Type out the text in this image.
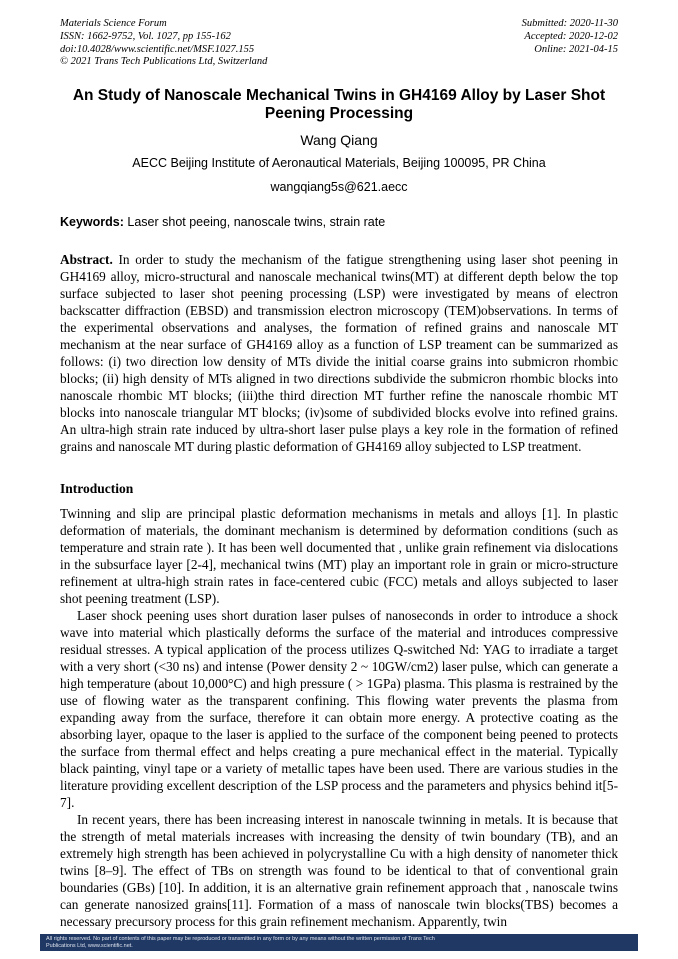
Materials Science Forum
ISSN: 1662-9752, Vol. 1027, pp 155-162
doi:10.4028/www.scientific.net/MSF.1027.155
© 2021 Trans Tech Publications Ltd, Switzerland
Submitted: 2020-11-30
Accepted: 2020-12-02
Online: 2021-04-15
An Study of Nanoscale Mechanical Twins in GH4169 Alloy by Laser Shot Peening Processing
Wang Qiang
AECC Beijing Institute of Aeronautical Materials, Beijing 100095, PR China
wangqiang5s@621.aecc

Keywords: Laser shot peeing, nanoscale twins, strain rate

Abstract. In order to study the mechanism of the fatigue strengthening using laser shot peening in GH4169 alloy, micro-structural and nanoscale mechanical twins(MT) at different depth below the top surface subjected to laser shot peening processing (LSP) were investigated by means of electron backscatter diffraction (EBSD) and transmission electron microscopy (TEM)observations. In terms of the experimental observations and analyses, the formation of refined grains and nanoscale MT mechanism at the near surface of GH4169 alloy as a function of LSP treament can be summarized as follows: (i) two direction low density of MTs divide the initial coarse grains into submicron rhombic blocks; (ii) high density of MTs aligned in two directions subdivide the submicron rhombic blocks into nanoscale rhombic MT blocks; (iii)the third direction MT further refine the nanoscale rhombic MT blocks into nanoscale triangular MT blocks; (iv)some of subdivided blocks evolve into refined grains. An ultra-high strain rate induced by ultra-short laser pulse plays a key role in the formation of refined grains and nanoscale MT during plastic deformation of GH4169 alloy subjected to LSP treatment.

Introduction

Twinning and slip are principal plastic deformation mechanisms in metals and alloys [1]. In plastic deformation of materials, the dominant mechanism is determined by deformation conditions (such as temperature and strain rate ). It has been well documented that , unlike grain refinement via dislocations in the subsurface layer [2-4], mechanical twins (MT) play an important role in grain or micro-structure refinement at ultra-high strain rates in face-centered cubic (FCC) metals and alloys subjected to laser shot peening treatment (LSP).

Laser shock peening uses short duration laser pulses of nanoseconds in order to introduce a shock wave into material which plastically deforms the surface of the material and introduces compressive residual stresses. A typical application of the process utilizes Q-switched Nd: YAG to irradiate a target with a very short (<30 ns) and intense (Power density 2 ~ 10GW/cm2) laser pulse, which can generate a high temperature (about 10,000°C) and high pressure ( > 1GPa) plasma. This plasma is restrained by the use of flowing water as the transparent confining. This flowing water prevents the plasma from expanding away from the surface, therefore it can obtain more energy. A protective coating as the absorbing layer, opaque to the laser is applied to the surface of the component being peened to protects the surface from thermal effect and helps creating a pure mechanical effect in the material. Typically black painting, vinyl tape or a variety of metallic tapes have been used. There are various studies in the literature providing excellent description of the LSP process and the parameters and physics behind it[5-7].

In recent years, there has been increasing interest in nanoscale twinning in metals. It is because that the strength of metal materials increases with increasing the density of twin boundary (TB), and an extremely high strength has been achieved in polycrystalline Cu with a high density of nanometer thick twins [8–9]. The effect of TBs on strength was found to be identical to that of conventional grain boundaries (GBs) [10]. In addition, it is an alternative grain refinement approach that , nanoscale twins can generate nanosized grains[11]. Formation of a mass of nanoscale twin blocks(TBS) becomes a necessary precursory process for this grain refinement mechanism. Apparently, twin

All rights reserved. No part of contents of this paper may be reproduced or transmitted in any form or by any means without the written permission of Trans Tech
Publications Ltd, www.scientific.net.
